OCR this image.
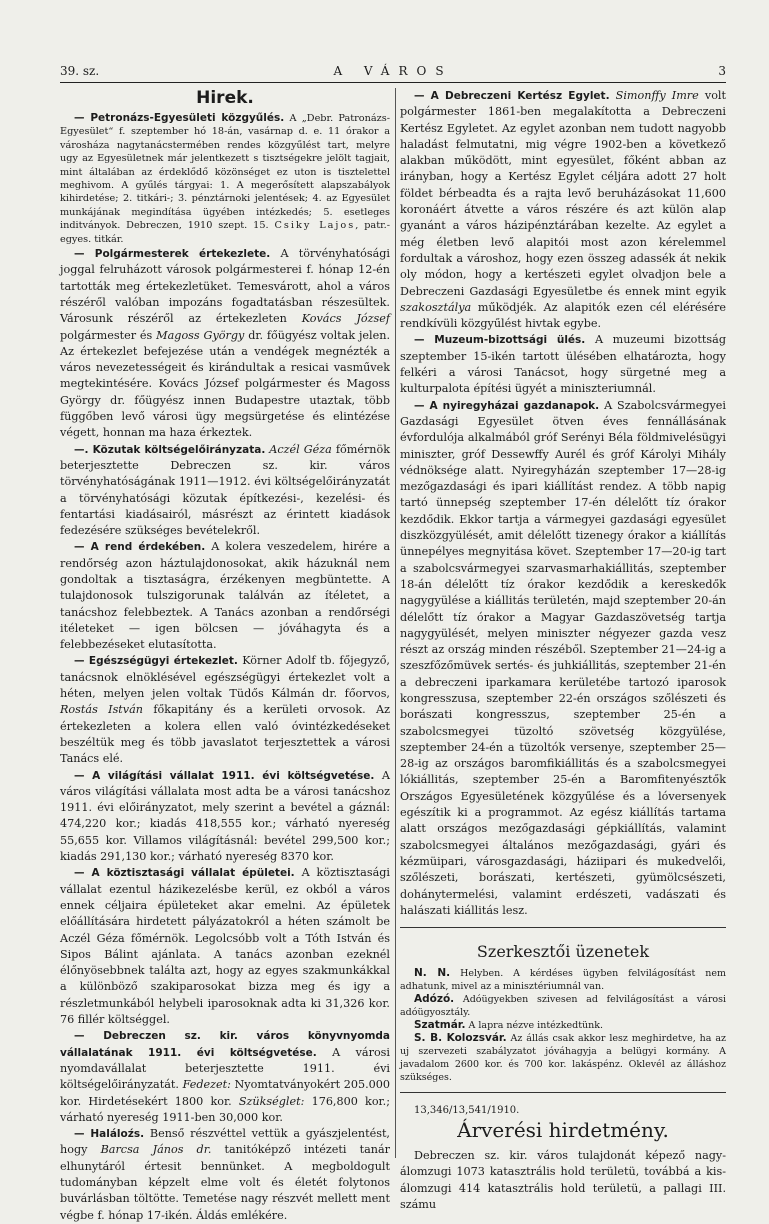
39. sz.	A VÁROS	3
Hirek.

— Petronázs-Egyesületi közgyűlés. A „Debr. Patronázs-Egyesület“ f. szeptember hó 18-án, vasárnap d. e. 11 órakor a városháza nagytanácstermében rendes közgyűlést tart, melyre ugy az Egyesületnek már jelentkezett s tisztségekre jelölt tagjait, mint általában az érdeklődő közönséget ez uton is tisztelettel meghivom. A gyűlés tárgyai: 1. A megerősített alapszabályok kihirdetése; 2. titkári-; 3. pénztárnoki jelentések; 4. az Egyesület munkájának megindítása ügyében intézkedés; 5. esetleges inditványok. Debreczen, 1910 szept. 15. Csiky Lajos, patr.-egyes. titkár.

— Polgármesterek értekezlete. A törvényhatósági joggal felruházott városok polgármesterei f. hónap 12-én tartották meg értekezletüket. Temesvárott, ahol a város részéről valóban impozáns fogadtatásban részesültek. Városunk részéről az értekezleten Kovács József polgármester és Magoss György dr. főügyész voltak jelen. Az értekezlet befejezése után a vendégek megnézték a város nevezetességeit és kirándultak a resicai vasművek megtekintésére. Kovács József polgármester és Magoss György dr. főügyész innen Budapestre utaztak, több függőben levő városi ügy megsürgetése és elintézése végett, honnan ma haza érkeztek.

—. Közutak költségelőirányzata. Aczél Géza főmérnök beterjesztette Debreczen sz. kir. város törvényhatóságának 1911—1912. évi költségelőirányzatát a törvényhatósági közutak építkezési-, kezelési- és fentartási kiadásairól, másrészt az érintett kiadások fedezésére szükséges bevételekről.

— A rend érdekében. A kolera veszedelem, hirére a rendőrség azon háztulajdonosokat, akik házuknál nem gondoltak a tisztaságra, érzékenyen megbüntette. A tulajdonosok tulszigorunak találván az ítéletet, a tanácshoz felebbeztek. A Tanács azonban a rendőrségi itéleteket — igen bölcsen — jóváhagyta és a felebbezéseket elutasította.

— Egészségügyi értekezlet. Körner Adolf tb. főjegyző, tanácsnok elnöklésével egészségügyi értekezlet volt a héten, melyen jelen voltak Tüdős Kálmán dr. főorvos, Rostás István főkapitány és a kerületi orvosok. Az értekezleten a kolera ellen való óvintézkedéseket beszéltük meg és több javaslatot terjesztettek a városi Tanács elé.

— A világítási vállalat 1911. évi költségvetése. A város világítási vállalata most adta be a városi tanácshoz 1911. évi előirányzatot, mely szerint a bevétel a gáznál: 474,220 kor.; kiadás 418,555 kor.; várható nyereség 55,655 kor. Villamos világításnál: bevétel 299,500 kor.; kiadás 291,130 kor.; várható nyereség 8370 kor.

— A köztisztasági vállalat épületei. A köztisztasági vállalat ezentul házikezelésbe kerül, ez okból a város ennek céljaira épületeket akar emelni. Az épületek előállítására hirdetett pályázatokról a héten számolt be Aczél Géza főmérnök. Legolcsóbb volt a Tóth István és Sipos Bálint ajánlata. A tanács azonban ezeknél élőnyösebbnek találta azt, hogy az egyes szakmunkákkal a különböző szakiparosokat bizza meg és igy a részletmunkából helybeli iparosoknak adta ki 31,326 kor. 76 fillér költséggel.

— Debreczen sz. kir. város könyvnyomda vállalatának 1911. évi költségvetése. A városi nyomdavállalat beterjesztette 1911. évi költségelőirányzatát. Fedezet: Nyomtatványokért 205.000 kor. Hirdetésekért 1800 kor. Szükséglet: 176,800 kor.; várható nyereség 1911-ben 30,000 kor.

— Haláloźs. Benső részvéttel vettük a gyászjelentést, hogy Barcsa János dr. tanitóképző intézeti tanár elhunytáról értesit bennünket. A megboldogult tudományban képzelt elme volt és életét folytonos buvárlásban töltötte. Temetése nagy részvét mellett ment végbe f. hónap 17-ikén. Áldás emlékére.

— A Debreczeni Kertész Egylet. Simonffy Imre volt polgármester 1861-ben megalakította a Debreczeni Kertész Egyletet. Az egylet azonban nem tudott nagyobb haladást felmutatni, mig végre 1902-ben a következő alakban működött, mint egyesület, főként abban az irányban, hogy a Kertész Egylet céljára adott 27 holt földet bérbeadta és a rajta levő beruházásokat 11,600 koronáért átvette a város részére és azt külön alap gyanánt a város házipénztárában kezelte. Az egylet a még életben levő alapitói most azon kérelemmel fordultak a városhoz, hogy ezen összeg adassék át nekik oly módon, hogy a kertészeti egylet olvadjon bele a Debreczeni Gazdasági Egyesületbe és ennek mint egyik szakosztálya működjék. Az alapitók ezen cél elérésére rendkívüli közgyűlést hivtak egybe.

— Muzeum-bizottsági ülés. A muzeumi bizottság szeptember 15-ikén tartott ülésében elhatározta, hogy felkéri a városi Tanácsot, hogy sürgetné meg a kulturpalota építési ügyét a miniszteriumnál.

— A nyiregyházai gazdanapok. A Szabolcsvármegyei Gazdasági Egyesület ötven éves fennállásának évfordulója alkalmából gróf Serényi Béla földmivelésügyi miniszter, gróf Dessewffy Aurél és gróf Károlyi Mihály védnöksége alatt. Nyiregyházán szeptember 17—28-ig mezőgazdasági és ipari kiállítást rendez. A több napig tartó ünnepség szeptember 17-én délelőtt tíz órakor kezdődik. Ekkor tartja a vármegyei gazdasági egyesület diszközgyülését, amit délelőtt tizenegy órakor a kiállítás ünnepélyes megnyitása követ. Szeptember 17—20-ig tart a szabolcsvármegyei szarvasmarhakiállitás, szeptember 18-án délelőtt tíz órakor kezdődik a kereskedők nagygyülése a kiállitás területén, majd szeptember 20-án délelőtt tíz órakor a Magyar Gazdaszövetség tartja nagygyülését, melyen miniszter négyezer gazda vesz részt az ország minden részéből. Szeptember 21—24-ig a szeszfőzőmüvek sertés- és juhkiállitás, szeptember 21-én a debreczeni iparkamara kerületébe tartozó iparosok kongresszusa, szeptember 22-én országos szőlészeti és borászati kongresszus, szeptember 25-én a szabolcsmegyei tüzoltó szövetség közgyülése, szeptember 24-én a tüzoltók versenye, szeptember 25—28-ig az országos baromfikiállitás és a szabolcsmegyei lókiállitás, szeptember 25-én a Baromfitenyésztők Országos Egyesületének közgyűlése és a lóversenyek egészítik ki a programmot. Az egész kiállítás tartama alatt országos mezőgazdasági gépkiállítás, valamint szabolcsmegyei általános mezőgazdasági, gyári és kézmüipari, városgazdasági, háziipari és mukedvelői, szőlészeti, borászati, kertészeti, gyümölcsészeti, dohánytermelési, valamint erdészeti, vadászati és halászati kiállitás lesz.

Szerkesztői üzenetek

N. N. Helyben. A kérdéses ügyben felvilágosítást nem adhatunk, mivel az a minisztériumnál van.

Adózó. Adóügyekben szivesen ad felvilágosítást a városi adóügyosztály.

Szatmár. A lapra nézve intézkedtünk.

S. B. Kolozsvár. Az állás csak akkor lesz meghirdetve, ha az uj szervezeti szabályzatot jóváhagyja a belügyi kormány. A javadalom 2600 kor. és 700 kor. lakáspénz. Oklevél az álláshoz szükséges.

13,346/13,541/1910.
Árverési hirdetmény.

Debreczen sz. kir. város tulajdonát képező nagy-álomzugi 1073 katasztrális hold területü, továbbá a kis-álomzugi 414 katasztrális hold területü, a pallagi III. számu
